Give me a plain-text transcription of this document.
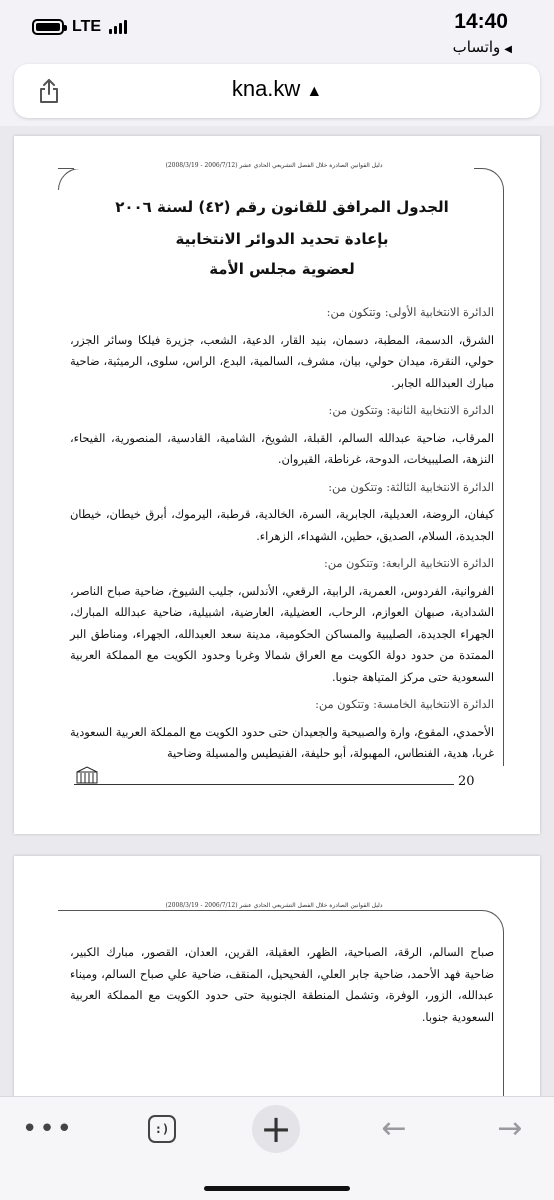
LTE	14:40
◀واتساب
kna.kw ▲
دليل القوانين الصادرة خلال الفصل التشريعي الحادي عشر (2006/7/12 - 2008/3/19)
الجدول المرافق للقانون رقم (٤٢) لسنة ٢٠٠٦
بإعادة تحديد الدوائر الانتخابية
لعضوية مجلس الأمة

الدائرة الانتخابية الأولى: وتتكون من:

الشرق، الدسمة، المطبة، دسمان، بنيد القار، الدعية، الشعب، جزيرة فيلكا وسائر الجزر، حولي، النقرة، ميدان حولي، بيان، مشرف، السالمية، البدع، الراس، سلوى، الرميثية، ضاحية مبارك العبدالله الجابر.

الدائرة الانتخابية الثانية: وتتكون من:

المرقاب، ضاحية عبدالله السالم، القبلة، الشويخ، الشامية، القادسية، المنصورية، الفيحاء، النزهة، الصليبيخات، الدوحة، غرناطة، القيروان.

الدائرة الانتخابية الثالثة: وتتكون من:

كيفان، الروضة، العديلية، الجابرية، السرة، الخالدية، قرطبة، اليرموك، أبرق خيطان، خيطان الجديدة، السلام، الصديق، حطين، الشهداء، الزهراء.

الدائرة الانتخابية الرابعة: وتتكون من:

الفروانية، الفردوس، العمرية، الرابية، الرقعي، الأندلس، جليب الشيوخ، ضاحية صباح الناصر، الشدادية، صبهان العوازم، الرحاب، العضيلية، العارضية، اشبيلية، ضاحية عبدالله المبارك، الجهراء الجديدة، الصليبية والمساكن الحكومية، مدينة سعد العبدالله، الجهراء، ومناطق البر الممتدة من حدود دولة الكويت مع العراق شمالا وغربا وحدود الكويت مع المملكة العربية السعودية حتى مركز المتياهة جنوبا.

الدائرة الانتخابية الخامسة: وتتكون من:

الأحمدي، المقوع، وارة والصبيحية والجعيدان حتى حدود الكويت مع المملكة العربية السعودية غربا، هدية، الفنطاس، المهبولة، أبو حليفة، الفنيطيس والمسيلة وضاحية

20
دليل القوانين الصادرة خلال الفصل التشريعي الحادي عشر (2006/7/12 - 2008/3/19)
صباح السالم، الرقة، الصباحية، الظهر، العقيلة، القرين، العدان، القصور، مبارك الكبير، ضاحية فهد الأحمد، ضاحية جابر العلي، الفحيحيل، المنقف، ضاحية علي صباح السالم، وميناء عبدالله، الزور، الوفرة، وتشمل المنطقة الجنوبية حتى حدود الكويت مع المملكة العربية السعودية جنوبا.
•••	:) +	←	→
